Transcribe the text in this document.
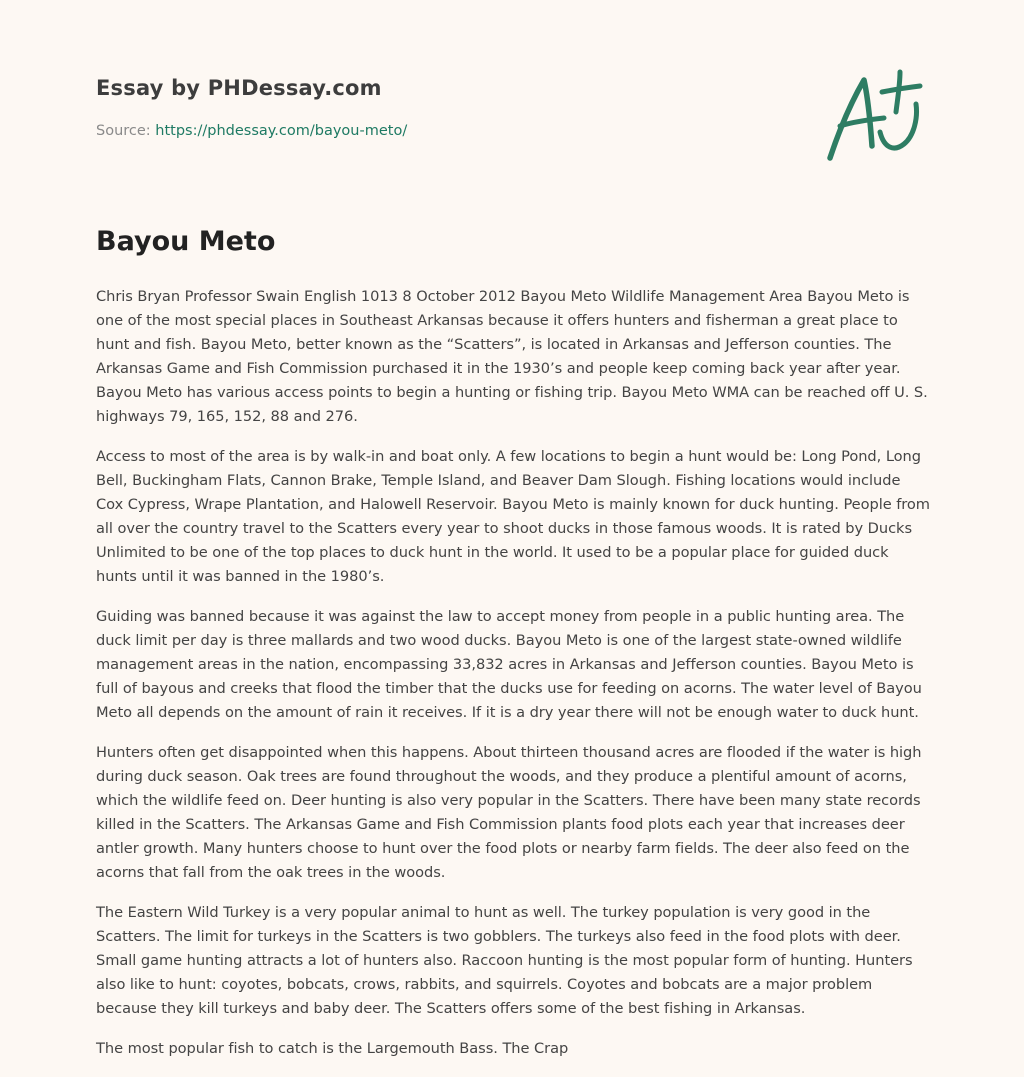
Essay by PHDessay.com
Source: https://phdessay.com/bayou-meto/
Bayou Meto

Chris Bryan Professor Swain English 1013 8 October 2012 Bayou Meto Wildlife Management Area Bayou Meto is one of the most special places in Southeast Arkansas because it offers hunters and fisherman a great place to hunt and fish. Bayou Meto, better known as the “Scatters”, is located in Arkansas and Jefferson counties. The Arkansas Game and Fish Commission purchased it in the 1930’s and people keep coming back year after year. Bayou Meto has various access points to begin a hunting or fishing trip. Bayou Meto WMA can be reached off U. S. highways 79, 165, 152, 88 and 276.

Access to most of the area is by walk-in and boat only. A few locations to begin a hunt would be: Long Pond, Long Bell, Buckingham Flats, Cannon Brake, Temple Island, and Beaver Dam Slough. Fishing locations would include Cox Cypress, Wrape Plantation, and Halowell Reservoir. Bayou Meto is mainly known for duck hunting. People from all over the country travel to the Scatters every year to shoot ducks in those famous woods. It is rated by Ducks Unlimited to be one of the top places to duck hunt in the world. It used to be a popular place for guided duck hunts until it was banned in the 1980’s.

Guiding was banned because it was against the law to accept money from people in a public hunting area. The duck limit per day is three mallards and two wood ducks. Bayou Meto is one of the largest state-owned wildlife management areas in the nation, encompassing 33,832 acres in Arkansas and Jefferson counties. Bayou Meto is full of bayous and creeks that flood the timber that the ducks use for feeding on acorns. The water level of Bayou Meto all depends on the amount of rain it receives. If it is a dry year there will not be enough water to duck hunt.

Hunters often get disappointed when this happens. About thirteen thousand acres are flooded if the water is high during duck season. Oak trees are found throughout the woods, and they produce a plentiful amount of acorns, which the wildlife feed on. Deer hunting is also very popular in the Scatters. There have been many state records killed in the Scatters. The Arkansas Game and Fish Commission plants food plots each year that increases deer antler growth. Many hunters choose to hunt over the food plots or nearby farm fields. The deer also feed on the acorns that fall from the oak trees in the woods.

The Eastern Wild Turkey is a very popular animal to hunt as well. The turkey population is very good in the Scatters. The limit for turkeys in the Scatters is two gobblers. The turkeys also feed in the food plots with deer. Small game hunting attracts a lot of hunters also. Raccoon hunting is the most popular form of hunting. Hunters also like to hunt: coyotes, bobcats, crows, rabbits, and squirrels. Coyotes and bobcats are a major problem because they kill turkeys and baby deer. The Scatters offers some of the best fishing in Arkansas.

The most popular fish to catch is the Largemouth Bass. The Crap
